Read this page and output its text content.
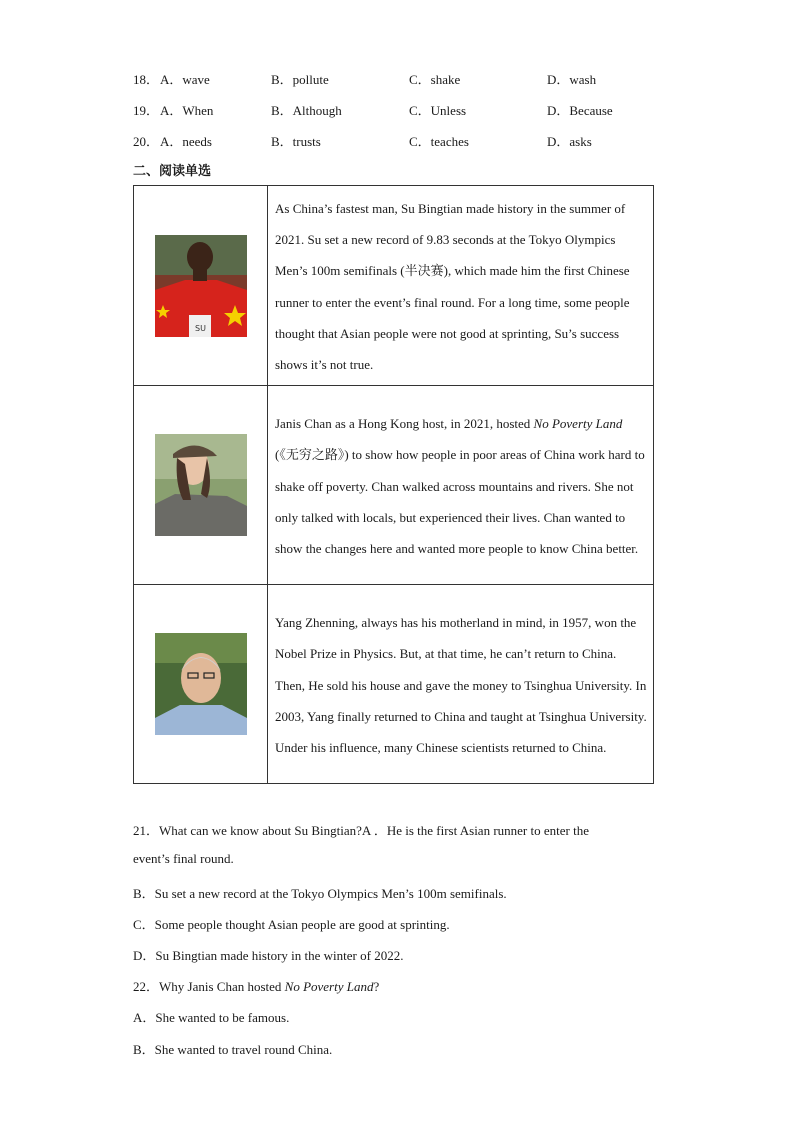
18． A．wave	B．pollute	C．shake	D．wash
19． A．When	B．Although	C．Unless	D．Because
20． A．needs	B．trusts	C．teaches	D．asks
二、阅读单选
SU	As China’s fastest man, Su Bingtian made history in the summer of 2021. Su set a new record of 9.83 seconds at the Tokyo Olympics Men’s 100m semifinals (半决赛), which made him the first Chinese runner to enter the event’s final round. For a long time, some people thought that Asian people were not good at sprinting, Su’s success shows it’s not true.

	Janis Chan as a Hong Kong host, in 2021, hosted No Poverty Land (《无穷之路》) to show how people in poor areas of China work hard to shake off poverty. Chan walked across mountains and rivers. She not only talked with locals, but experienced their lives. Chan wanted to show the changes here and wanted more people to know China better.

	Yang Zhenning, always has his motherland in mind, in 1957, won the Nobel Prize in Physics. But, at that time, he can’t return to China. Then, He sold his house and gave the money to Tsinghua University. In 2003, Yang finally returned to China and taught at Tsinghua University. Under his influence, many Chinese scientists returned to China.
21．What can we know about Su Bingtian?A ．He is the first Asian runner to enter the
event’s final round.
B．Su set a new record at the Tokyo Olympics Men’s 100m semifinals.
C．Some people thought Asian people are good at sprinting.
D．Su Bingtian made history in the winter of 2022.
22．Why Janis Chan hosted No Poverty Land?
A．She wanted to be famous.
B．She wanted to travel round China.
